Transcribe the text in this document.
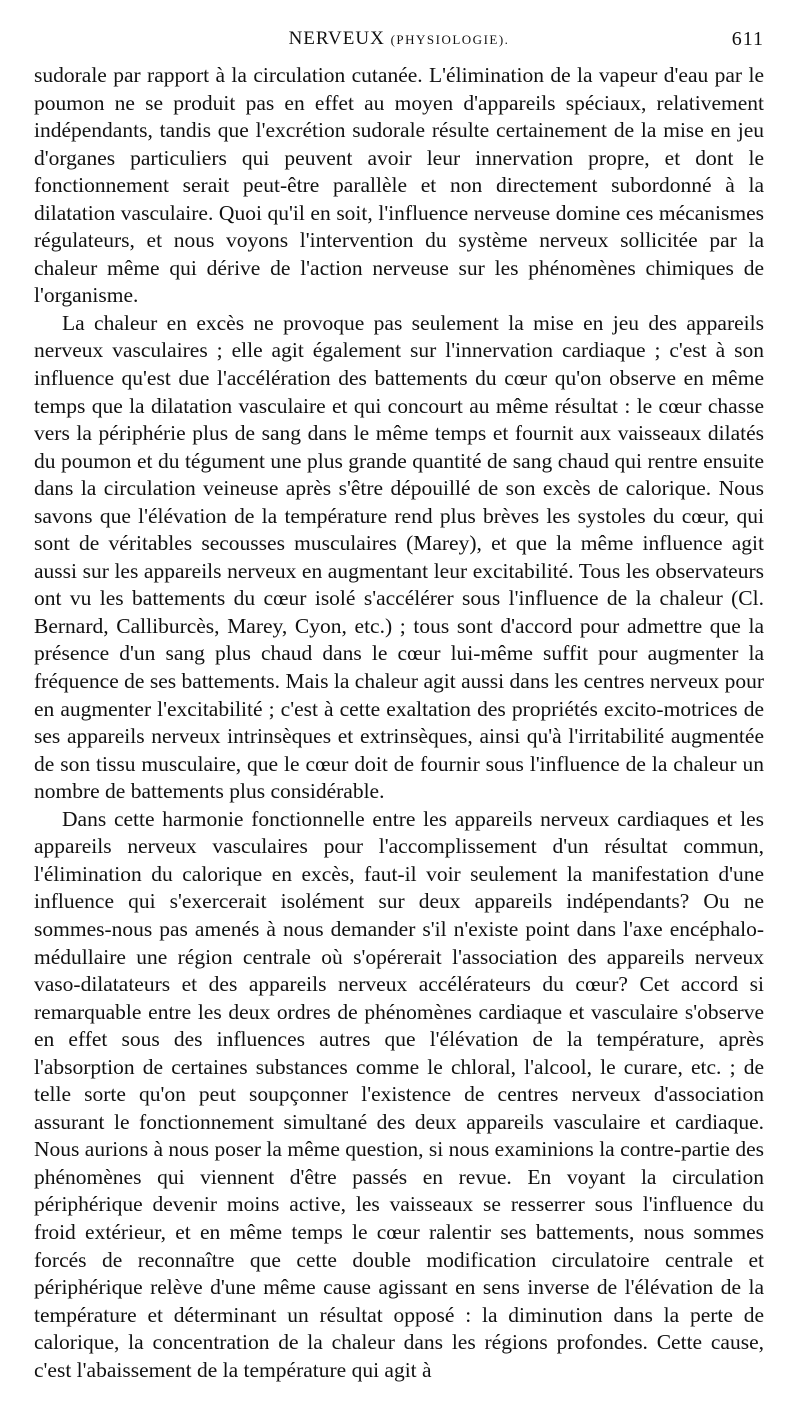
NERVEUX (PHYSIOLOGIE).	611

sudorale par rapport à la circulation cutanée. L'élimination de la vapeur d'eau par le poumon ne se produit pas en effet au moyen d'appareils spéciaux, relativement indépendants, tandis que l'excrétion sudorale résulte certainement de la mise en jeu d'organes particuliers qui peuvent avoir leur innervation propre, et dont le fonctionnement serait peut-être parallèle et non directement subordonné à la dilatation vasculaire. Quoi qu'il en soit, l'influence nerveuse domine ces mécanismes régulateurs, et nous voyons l'intervention du système nerveux sollicitée par la chaleur même qui dérive de l'action nerveuse sur les phénomènes chimiques de l'organisme.

La chaleur en excès ne provoque pas seulement la mise en jeu des appareils nerveux vasculaires ; elle agit également sur l'innervation cardiaque ; c'est à son influence qu'est due l'accélération des battements du cœur qu'on observe en même temps que la dilatation vasculaire et qui concourt au même résultat : le cœur chasse vers la périphérie plus de sang dans le même temps et fournit aux vaisseaux dilatés du poumon et du tégument une plus grande quantité de sang chaud qui rentre ensuite dans la circulation veineuse après s'être dépouillé de son excès de calorique. Nous savons que l'élévation de la température rend plus brèves les systoles du cœur, qui sont de véritables secousses musculaires (Marey), et que la même influence agit aussi sur les appareils nerveux en augmentant leur excitabilité. Tous les observateurs ont vu les battements du cœur isolé s'accélérer sous l'influence de la chaleur (Cl. Bernard, Calliburcès, Marey, Cyon, etc.) ; tous sont d'accord pour admettre que la présence d'un sang plus chaud dans le cœur lui-même suffit pour augmenter la fréquence de ses battements. Mais la chaleur agit aussi dans les centres nerveux pour en augmenter l'excitabilité ; c'est à cette exaltation des propriétés excito-motrices de ses appareils nerveux intrinsèques et extrinsèques, ainsi qu'à l'irritabilité augmentée de son tissu musculaire, que le cœur doit de fournir sous l'influence de la chaleur un nombre de battements plus considérable.

Dans cette harmonie fonctionnelle entre les appareils nerveux cardiaques et les appareils nerveux vasculaires pour l'accomplissement d'un résultat commun, l'élimination du calorique en excès, faut-il voir seulement la manifestation d'une influence qui s'exercerait isolément sur deux appareils indépendants? Ou ne sommes-nous pas amenés à nous demander s'il n'existe point dans l'axe encéphalo-médullaire une région centrale où s'opérerait l'association des appareils nerveux vaso-dilatateurs et des appareils nerveux accélérateurs du cœur? Cet accord si remarquable entre les deux ordres de phénomènes cardiaque et vasculaire s'observe en effet sous des influences autres que l'élévation de la température, après l'absorption de certaines substances comme le chloral, l'alcool, le curare, etc. ; de telle sorte qu'on peut soupçonner l'existence de centres nerveux d'association assurant le fonctionnement simultané des deux appareils vasculaire et cardiaque. Nous aurions à nous poser la même question, si nous examinions la contre-partie des phénomènes qui viennent d'être passés en revue. En voyant la circulation périphérique devenir moins active, les vaisseaux se resserrer sous l'influence du froid extérieur, et en même temps le cœur ralentir ses battements, nous sommes forcés de reconnaître que cette double modification circulatoire centrale et périphérique relève d'une même cause agissant en sens inverse de l'élévation de la température et déterminant un résultat opposé : la diminution dans la perte de calorique, la concentration de la chaleur dans les régions profondes. Cette cause, c'est l'abaissement de la température qui agit à
